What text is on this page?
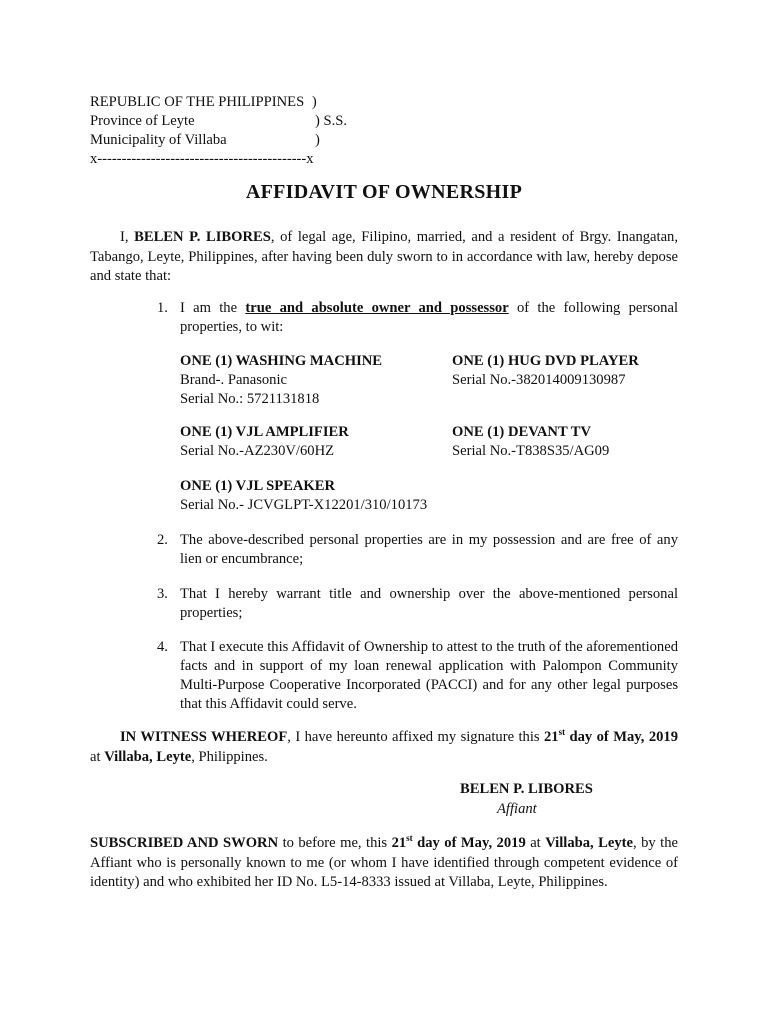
REPUBLIC OF THE PHILIPPINES )
Province of Leyte	) S.S.
Municipality of Villaba	)
x-------------------------------------------x
AFFIDAVIT OF OWNERSHIP
I, BELEN P. LIBORES, of legal age, Filipino, married, and a resident of Brgy. Inangatan, Tabango, Leyte, Philippines, after having been duly sworn to in accordance with law, hereby depose and state that:
1. I am the true and absolute owner and possessor of the following personal properties, to wit:
ONE (1) WASHING MACHINE
Brand-. Panasonic
Serial No.: 5721131818
ONE (1) HUG DVD PLAYER
Serial No.-382014009130987
ONE (1) VJL AMPLIFIER
Serial No.-AZ230V/60HZ
ONE (1) DEVANT TV
Serial No.-T838S35/AG09
ONE (1) VJL SPEAKER
Serial No.- JCVGLPT-X12201/310/10173
2. The above-described personal properties are in my possession and are free of any lien or encumbrance;
3. That I hereby warrant title and ownership over the above-mentioned personal properties;
4. That I execute this Affidavit of Ownership to attest to the truth of the aforementioned facts and in support of my loan renewal application with Palompon Community Multi-Purpose Cooperative Incorporated (PACCI) and for any other legal purposes that this Affidavit could serve.
IN WITNESS WHEREOF, I have hereunto affixed my signature this 21st day of May, 2019 at Villaba, Leyte, Philippines.
BELEN P. LIBORES
Affiant
SUBSCRIBED AND SWORN to before me, this 21st day of May, 2019 at Villaba, Leyte, by the Affiant who is personally known to me (or whom I have identified through competent evidence of identity) and who exhibited her ID No. L5-14-8333 issued at Villaba, Leyte, Philippines.
